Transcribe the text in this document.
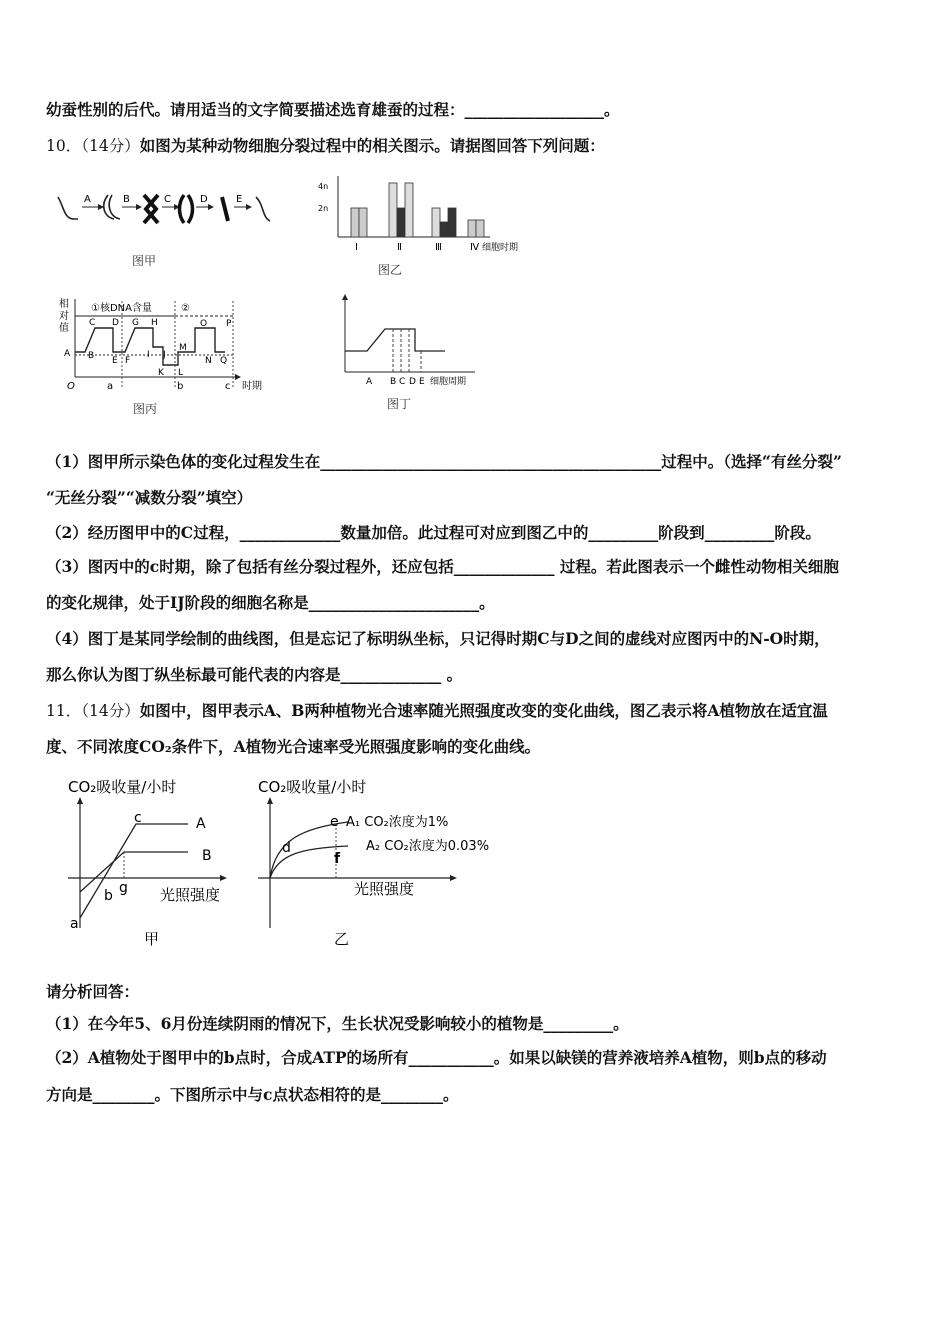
幼蚕性别的后代。请用适当的文字简要描述选育雄蚕的过程：__________________。
10．（14分）如图为某种动物细胞分裂过程中的相关图示。请据图回答下列问题：
A	B	C	D	E
图甲
4n
2n
Ⅰ	Ⅱ	Ⅲ	Ⅳ 细胞时期
图乙
相
对
值
①核DNA含量	②
A B
C D
E F
G H
I J
K L
M
N
O P
Q
O	a	b	c 时期
图丙
A B C D E 细胞周期
图丁
（1）图甲所示染色体的变化过程发生在____________________________________________过程中。（选择“有丝分裂”
“无丝分裂”“减数分裂”填空）
（2）经历图甲中的C过程，_____________数量加倍。此过程可对应到图乙中的_________阶段到_________阶段。
（3）图丙中的c时期，除了包括有丝分裂过程外，还应包括_____________ 过程。若此图表示一个雌性动物相关细胞
的变化规律，处于IJ阶段的细胞名称是______________________。
（4）图丁是某同学绘制的曲线图，但是忘记了标明纵坐标，只记得时期C与D之间的虚线对应图丙中的N-O时期，
那么你认为图丁纵坐标最可能代表的内容是_____________ 。
11．（14分）如图中，图甲表示A、B两种植物光合速率随光照强度改变的变化曲线，图乙表示将A植物放在适宜温
度、不同浓度CO₂条件下，A植物光合速率受光照强度影响的变化曲线。
CO₂吸收量/小时
a
b
c
g
A
B
光照强度
甲
CO₂吸收量/小时
d
e
f
A₁ CO₂浓度为1%
A₂ CO₂浓度为0.03%
光照强度
乙
请分析回答：
（1）在今年5、6月份连续阴雨的情况下，生长状况受影响较小的植物是_________。
（2）A植物处于图甲中的b点时，合成ATP的场所有___________。如果以缺镁的营养液培养A植物，则b点的移动
方向是________。下图所示中与c点状态相符的是________。
